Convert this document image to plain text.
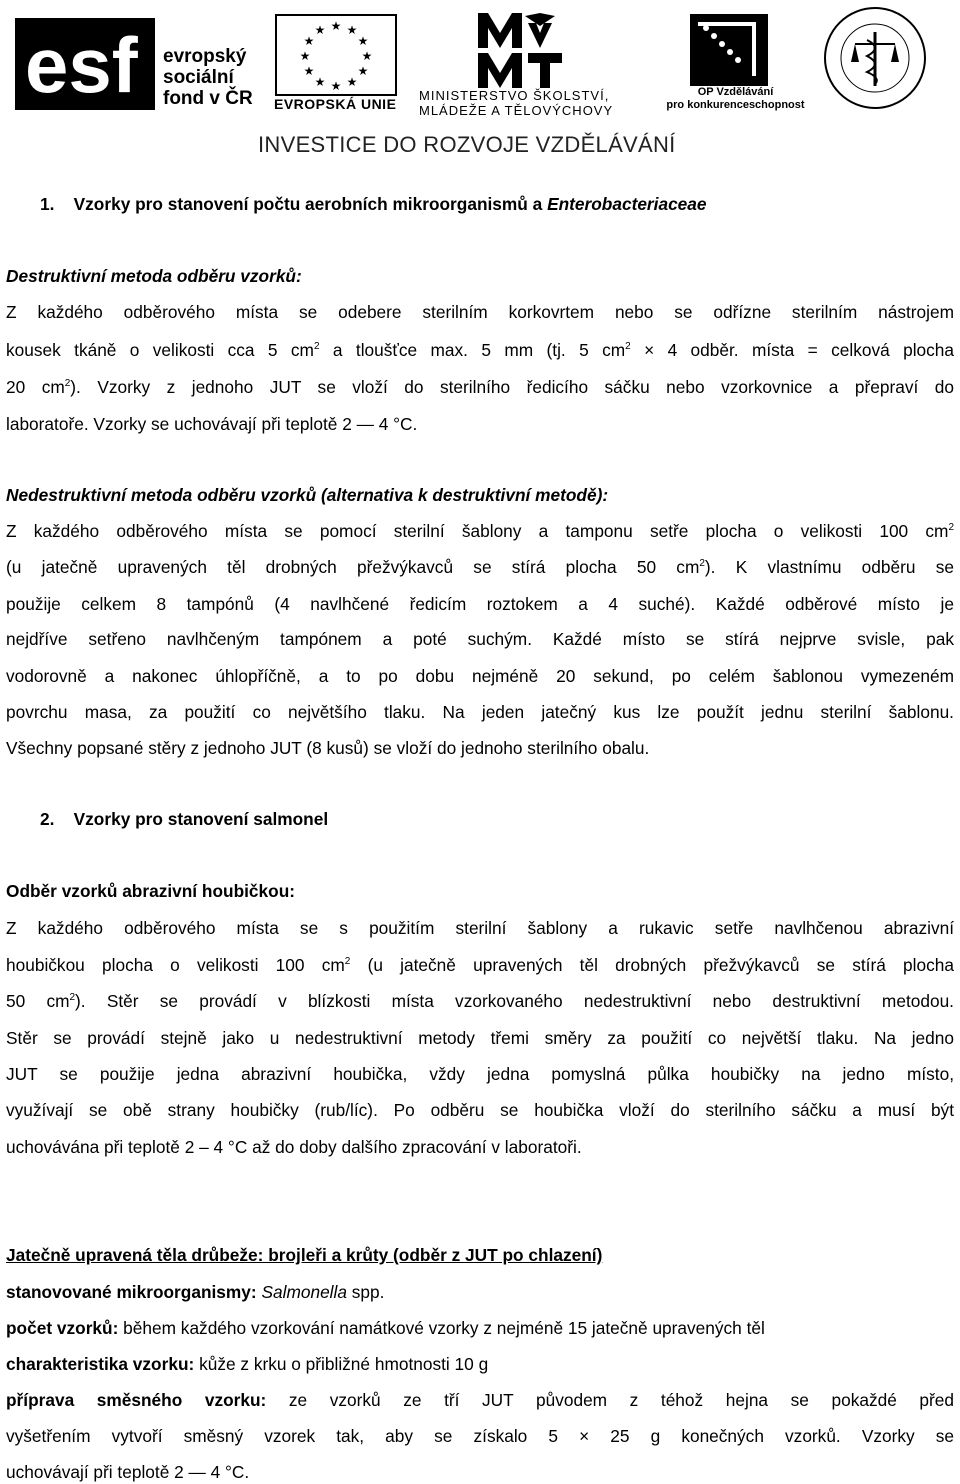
esf evropský
sociální
fond v ČR
★ ★
★
★
★
★
★
★
★
★
★
★
EVROPSKÁ UNIE
MINISTERSTVO ŠKOLSTVÍ,
MLÁDEŽE A TĚLOVÝCHOVY
OP Vzdělávání
pro konkurenceschopnost
INVESTICE DO ROZVOJE VZDĚLÁVÁNÍ
1. Vzorky pro stanovení počtu aerobních mikroorganismů a Enterobacteriaceae
Destruktivní metoda odběru vzorků:
Z každého odběrového místa se odebere sterilním korkovrtem nebo se odřízne sterilním nástrojem
kousek tkáně o velikosti cca 5 $cm^2$ a tloušťce max. 5 mm (tj. 5 $cm^2 \times 4$ odběr. místa = celková plocha
20 $cm^2$). Vzorky z jednoho JUT se vloží do sterilního ředicího sáčku nebo vzorkovnice a přepraví do
laboratoře. Vzorky se uchovávají při teplotě 2 — 4 °C.
Nedestruktivní metoda odběru vzorků (alternativa k destruktivní metodě):
Z každého odběrového místa se pomocí sterilní šablony a tamponu setře plocha o velikosti 100 $cm^2$
(u jatečně upravených těl drobných přežvýkavců se stírá plocha 50 $cm^2$). K vlastnímu odběru se
použije celkem 8 tampónů (4 navlhčené ředicím roztokem a 4 suché). Každé odběrové místo je
nejdříve setřeno navlhčeným tampónem a poté suchým. Každé místo se stírá nejprve svisle, pak
vodorovně a nakonec úhlopříčně, a to po dobu nejméně 20 sekund, po celém šablonou vymezeném
povrchu masa, za použití co největšího tlaku. Na jeden jatečný kus lze použít jednu sterilní šablonu.
Všechny popsané stěry z jednoho JUT (8 kusů) se vloží do jednoho sterilního obalu.
2. Vzorky pro stanovení salmonel
Odběr vzorků abrazivní houbičkou:
Z každého odběrového místa se s použitím sterilní šablony a rukavic setře navlhčenou abrazivní
houbičkou plocha o velikosti 100 $cm^2$ (u jatečně upravených těl drobných přežvýkavců se stírá plocha
50 $cm^2$). Stěr se provádí v blízkosti místa vzorkovaného nedestruktivní nebo destruktivní metodou.
Stěr se provádí stejně jako u nedestruktivní metody třemi směry za použití co největší tlaku. Na jedno
JUT se použije jedna abrazivní houbička, vždy jedna pomyslná půlka houbičky na jedno místo,
využívají se obě strany houbičky (rub/líc). Po odběru se houbička vloží do sterilního sáčku a musí být
uchovávána při teplotě 2 – 4 °C až do doby dalšího zpracování v laboratoři.
Jatečně upravená těla drůbeže: brojleři a krůty (odběr z JUT po chlazení)
stanovované mikroorganismy: Salmonella spp.
počet vzorků: během každého vzorkování namátkové vzorky z nejméně 15 jatečně upravených těl
charakteristika vzorku: kůže z krku o přibližné hmotnosti 10 g
příprava směsného vzorku: ze vzorků ze tří JUT původem z téhož hejna se pokaždé před
vyšetřením vytvoří směsný vzorek tak, aby se získalo 5 × 25 g konečných vzorků. Vzorky se
uchovávají při teplotě 2 — 4 °C.
